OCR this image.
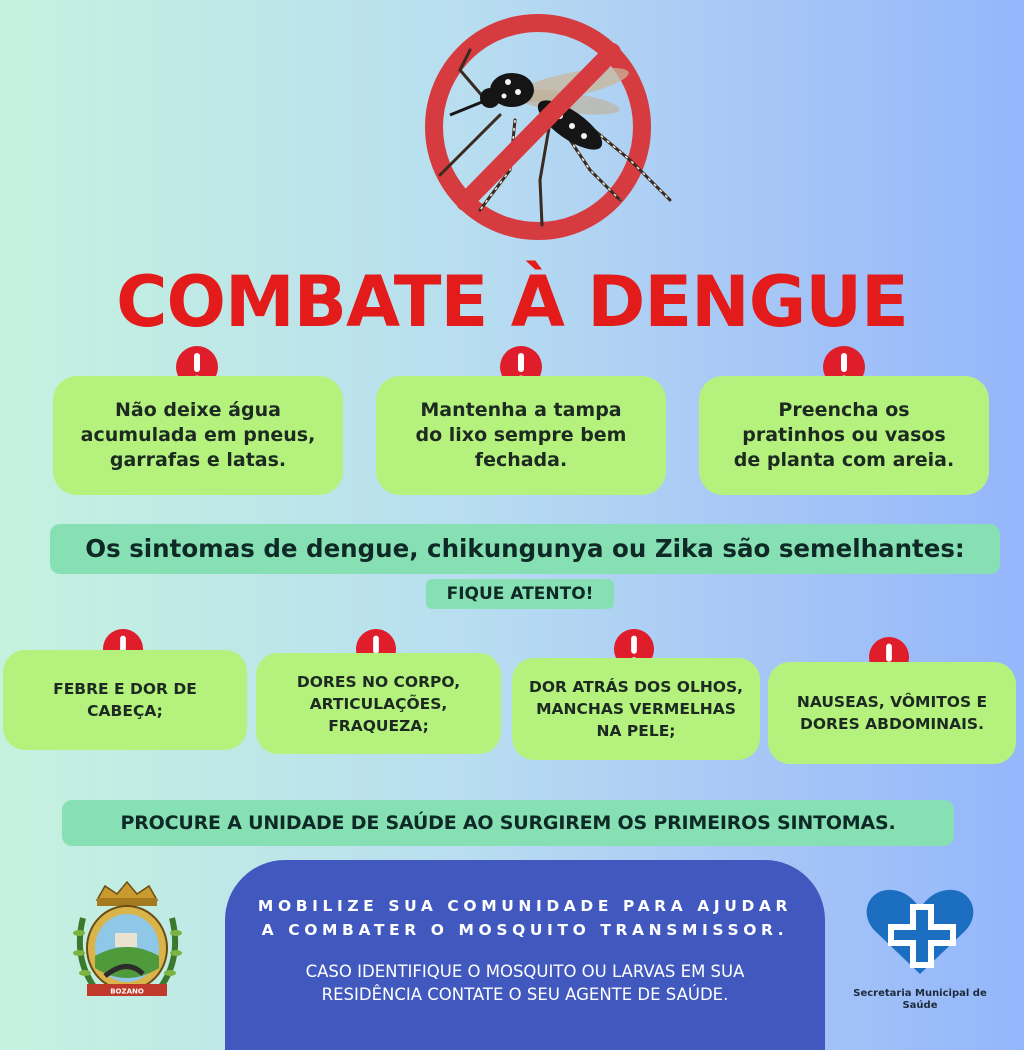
COMBATE À DENGUE
Não deixe água acumulada em pneus, garrafas e latas.
Mantenha a tampa do lixo sempre bem fechada.
Preencha os pratinhos ou vasos de planta com areia.
Os sintomas de dengue, chikungunya ou Zika são semelhantes:
FIQUE ATENTO!
FEBRE E DOR DE CABEÇA;
DORES NO CORPO, ARTICULAÇÕES, FRAQUEZA;
DOR ATRÁS DOS OLHOS, MANCHAS VERMELHAS NA PELE;
NAUSEAS, VÔMITOS E DORES ABDOMINAIS.
PROCURE A UNIDADE DE SAÚDE AO SURGIREM OS PRIMEIROS SINTOMAS.
BOZANO
MOBILIZE SUA COMUNIDADE PARA AJUDAR
A COMBATER O MOSQUITO TRANSMISSOR.
CASO IDENTIFIQUE O MOSQUITO OU LARVAS EM SUA
RESIDÊNCIA CONTATE O SEU AGENTE DE SAÚDE.	Secretaria Municipal de
Saúde
